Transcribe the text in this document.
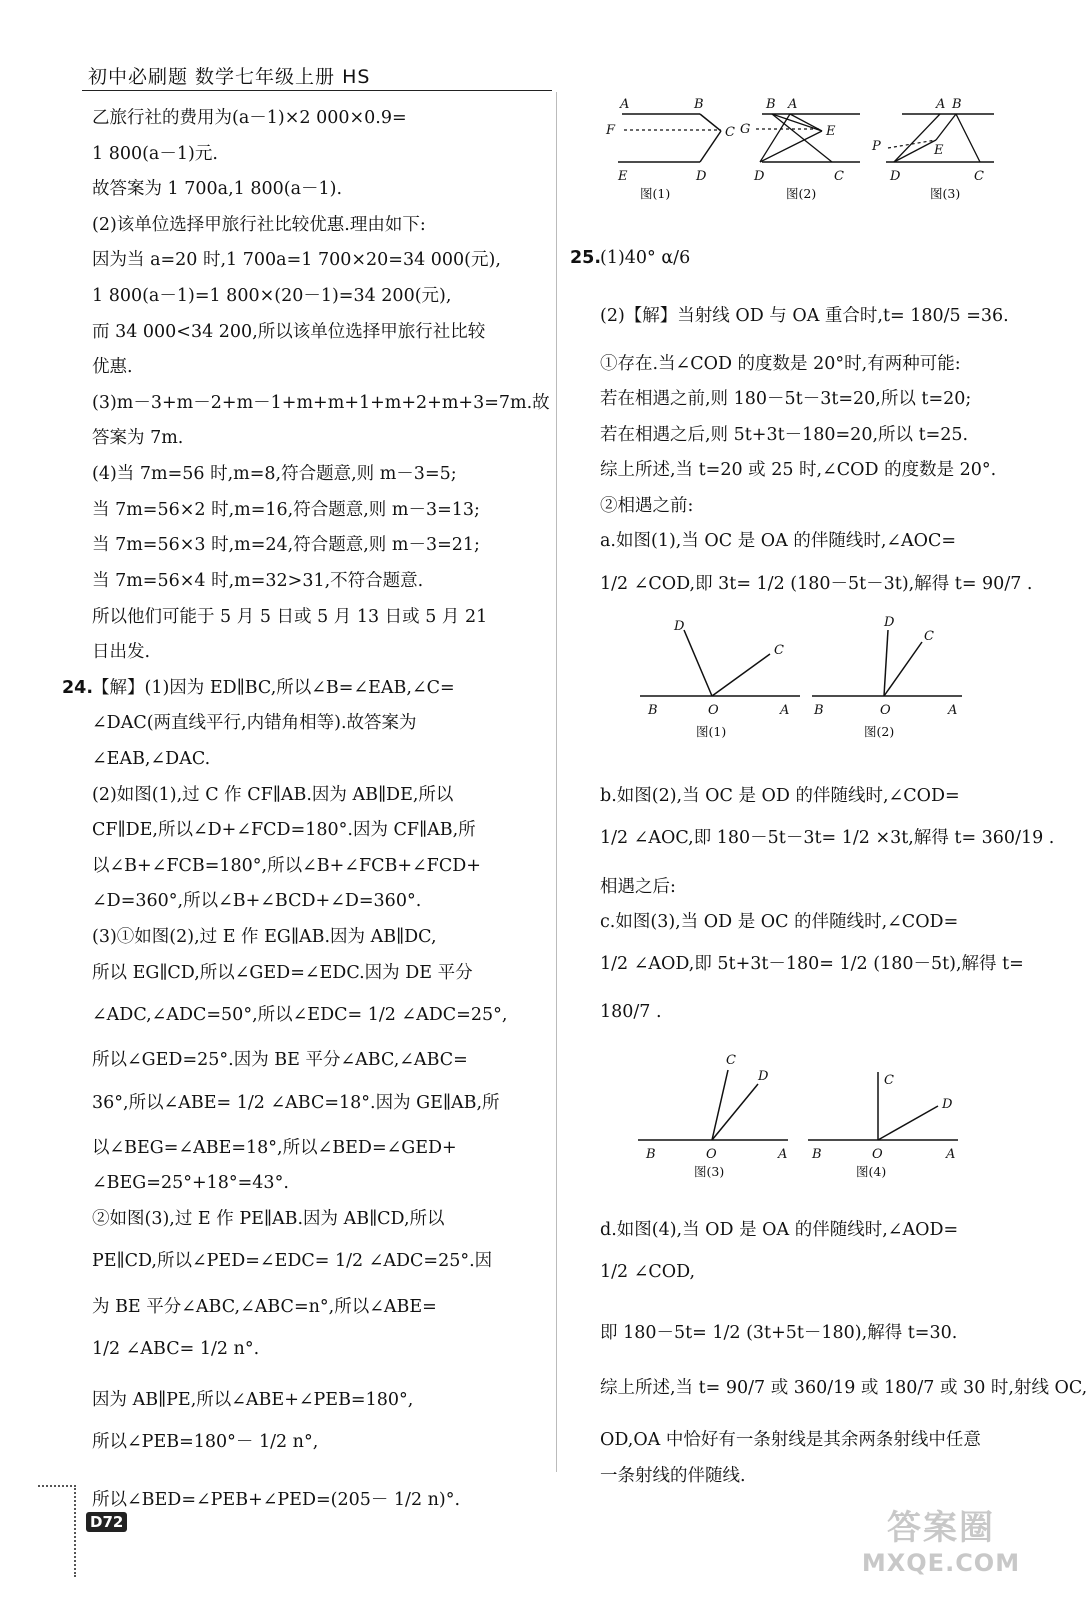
初中必刷题 数学七年级上册 HS

乙旅行社的费用为(a－1)×2 000×0.9=

1 800(a－1)元.

故答案为 1 700a,1 800(a－1).

(2)该单位选择甲旅行社比较优惠.理由如下:

因为当 a=20 时,1 700a=1 700×20=34 000(元),

1 800(a－1)=1 800×(20－1)=34 200(元),

而 34 000<34 200,所以该单位选择甲旅行社比较

优惠.

(3)m－3+m－2+m－1+m+m+1+m+2+m+3=7m.故

答案为 7m.

(4)当 7m=56 时,m=8,符合题意,则 m－3=5;

当 7m=56×2 时,m=16,符合题意,则 m－3=13;

当 7m=56×3 时,m=24,符合题意,则 m－3=21;

当 7m=56×4 时,m=32>31,不符合题意.

所以他们可能于 5 月 5 日或 5 月 13 日或 5 月 21

日出发.

24.
【解】(1)因为 ED∥BC,所以∠B=∠EAB,∠C=

∠DAC(两直线平行,内错角相等).故答案为

∠EAB,∠DAC.

(2)如图(1),过 C 作 CF∥AB.因为 AB∥DE,所以

CF∥DE,所以∠D+∠FCD=180°.因为 CF∥AB,所

以∠B+∠FCB=180°,所以∠B+∠FCB+∠FCD+

∠D=360°,所以∠B+∠BCD+∠D=360°.

(3)①如图(2),过 E 作 EG∥AB.因为 AB∥DC,

所以 EG∥CD,所以∠GED=∠EDC.因为 DE 平分

∠ADC,∠ADC=50°,所以∠EDC= 1/2 ∠ADC=25°,

所以∠GED=25°.因为 BE 平分∠ABC,∠ABC=

36°,所以∠ABE= 1/2 ∠ABC=18°.因为 GE∥AB,所

以∠BEG=∠ABE=18°,所以∠BED=∠GED+

∠BEG=25°+18°=43°.

②如图(3),过 E 作 PE∥AB.因为 AB∥CD,所以

PE∥CD,所以∠PED=∠EDC= 1/2 ∠ADC=25°.因

为 BE 平分∠ABC,∠ABC=n°,所以∠ABE=

1/2 ∠ABC= 1/2 n°.

因为 AB∥PE,所以∠ABE+∠PEB=180°,

所以∠PEB=180°－ 1/2 n°,

所以∠BED=∠PEB+∠PED=(205－ 1/2 n)°.

25.
(1)40° α/6

(2)【解】当射线 OD 与 OA 重合时,t= 180/5 =36.

①存在.当∠COD 的度数是 20°时,有两种可能:

若在相遇之前,则 180－5t－3t=20,所以 t=20;

若在相遇之后,则 5t+3t－180=20,所以 t=25.

综上所述,当 t=20 或 25 时,∠COD 的度数是 20°.

②相遇之前:

a.如图(1),当 OC 是 OA 的伴随线时,∠AOC=

1/2 ∠COD,即 3t= 1/2 (180－5t－3t),解得 t= 90/7 .

b.如图(2),当 OC 是 OD 的伴随线时,∠COD=

1/2 ∠AOC,即 180－5t－3t= 1/2 ×3t,解得 t= 360/19 .

相遇之后:

c.如图(3),当 OD 是 OC 的伴随线时,∠COD=

1/2 ∠AOD,即 5t+3t－180= 1/2 (180－5t),解得 t=

180/7 .

d.如图(4),当 OD 是 OA 的伴随线时,∠AOD=

1/2 ∠COD,

即 180－5t= 1/2 (3t+5t－180),解得 t=30.

综上所述,当 t= 90/7 或 360/19 或 180/7 或 30 时,射线 OC,

OD,OA 中恰好有一条射线是其余两条射线中任意

一条射线的伴随线.

A	B
F	C
E	D
图(1)
B A
G	E
D	C
图(2)
A B
P	E
D	C
图(3)
D
C
B	O	A
图(1)
D
C
B	O	A
图(2)
C
D
B	O	A
图(3)
C
D
B	O	A
图(4)
D72	答案圈
MXQE.COM
